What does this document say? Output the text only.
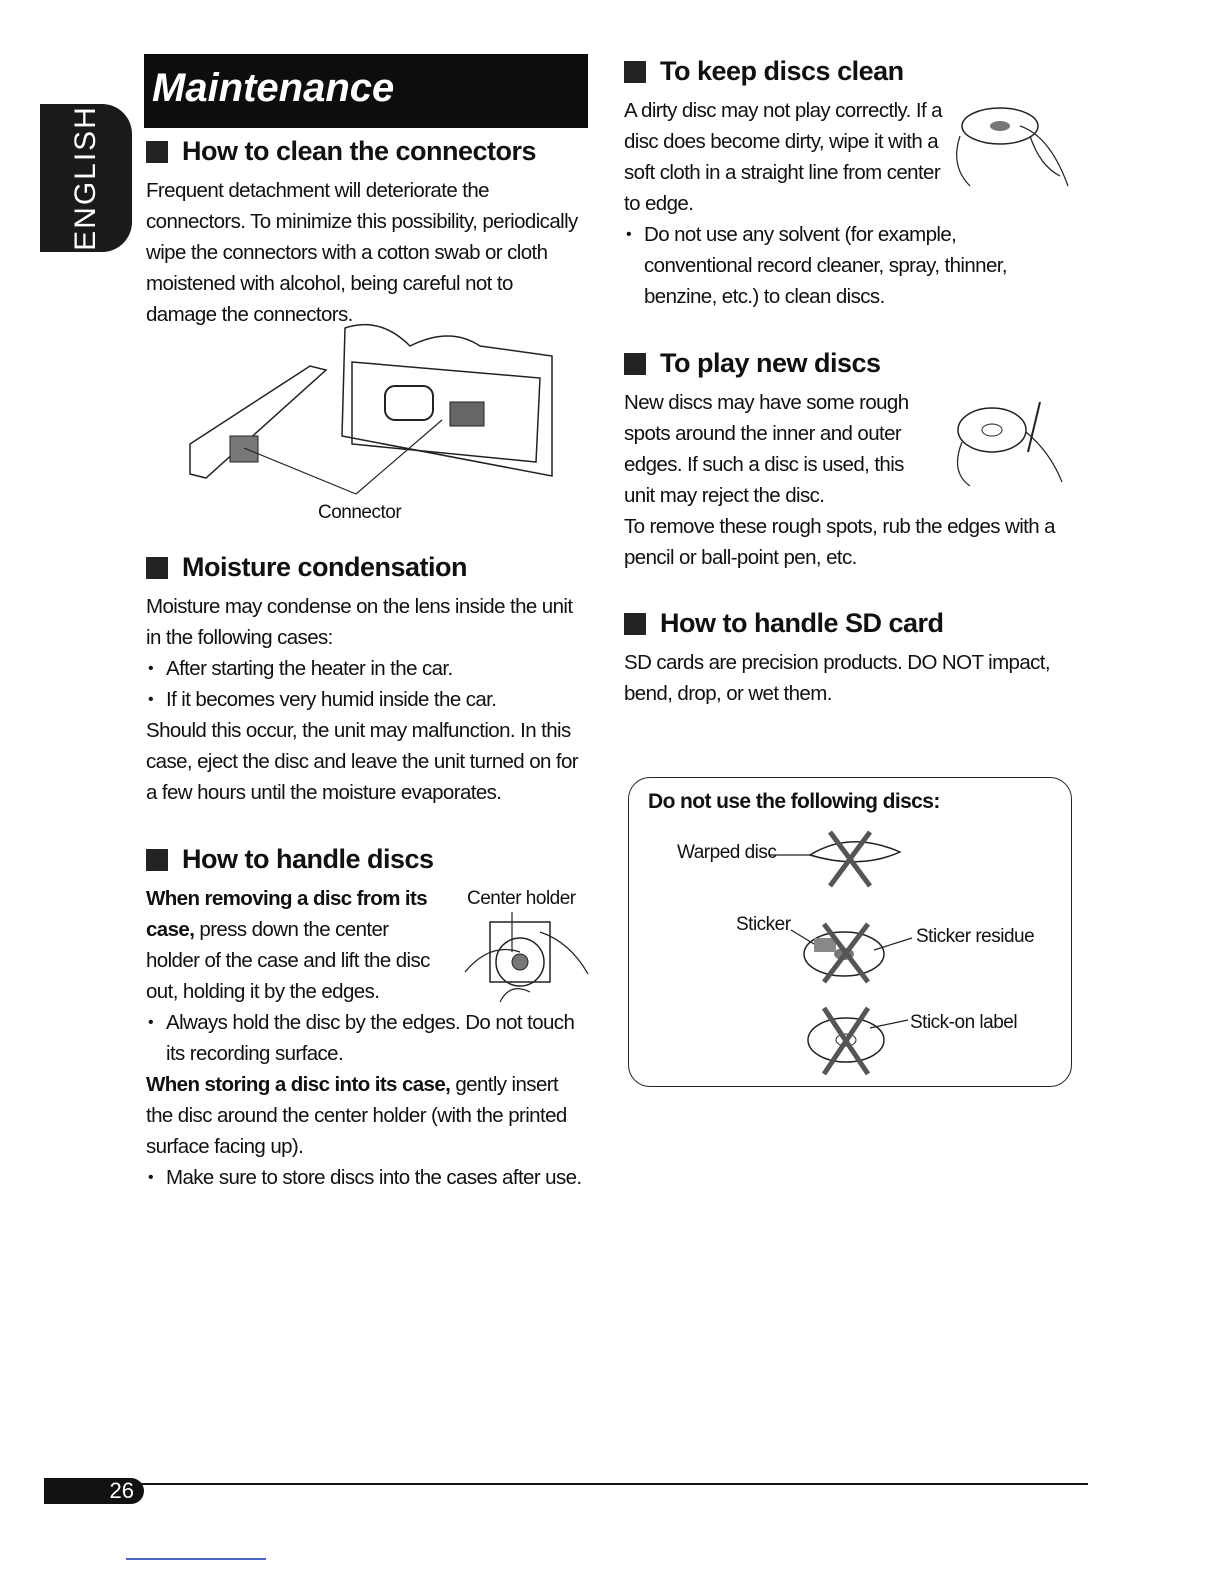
ENGLISH
Maintenance
How to clean the connectors

Frequent detachment will deteriorate the connectors. To minimize this possibility, periodically wipe the connectors with a cotton swab or cloth moistened with alcohol, being careful not to damage the connectors.

Connector
Moisture condensation

Moisture may condense on the lens inside the unit in the following cases:

• After starting the heater in the car.
• If it becomes very humid inside the car.

Should this occur, the unit may malfunction. In this case, eject the disc and leave the unit turned on for a few hours until the moisture evaporates.

How to handle discs

When removing a disc from its case, press down the center holder of the case and lift the disc out, holding it by the edges.

• Always hold the disc by the edges. Do not touch its recording surface.

When storing a disc into its case, gently insert the disc around the center holder (with the printed surface facing up).

• Make sure to store discs into the cases after use.
Center holder
To keep discs clean

A dirty disc may not play correctly. If a disc does become dirty, wipe it with a soft cloth in a straight line from center to edge.

• Do not use any solvent (for example, conventional record cleaner, spray, thinner, benzine, etc.) to clean discs.
To play new discs

New discs may have some rough spots around the inner and outer edges. If such a disc is used, this unit may reject the disc.

To remove these rough spots, rub the edges with a pencil or ball-point pen, etc.

How to handle SD card

SD cards are precision products. DO NOT impact, bend, drop, or wet them.

Do not use the following discs:
Warped disc
Sticker
Sticker residue
Stick-on label
26
